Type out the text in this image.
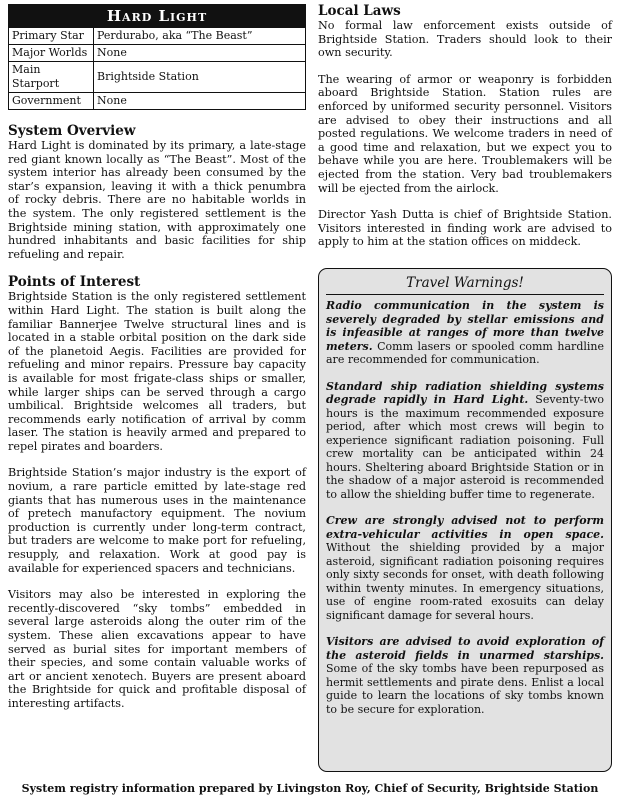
Hard Light	
Primary Star	Perdurabo, aka “The Beast”
Major Worlds	None
Main Starport	Brightside Station
Government	None
System Overview

Hard Light is dominated by its primary, a late-stage red giant known locally as “The Beast”. Most of the system interior has already been consumed by the star’s expansion, leaving it with a thick penumbra of rocky debris. There are no habitable worlds in the system. The only registered settlement is the Brightside mining station, with approximately one hundred inhabitants and basic facilities for ship refueling and repair.

Points of Interest

Brightside Station is the only registered settlement within Hard Light. The station is built along the familiar Bannerjee Twelve structural lines and is located in a stable orbital position on the dark side of the planetoid Aegis. Facilities are provided for refueling and minor repairs. Pressure bay capacity is available for most frigate-class ships or smaller, while larger ships can be served through a cargo umbilical. Brightside welcomes all traders, but recommends early notification of arrival by comm laser. The station is heavily armed and prepared to repel pirates and boarders.

Brightside Station’s major industry is the export of novium, a rare particle emitted by late-stage red giants that has numerous uses in the maintenance of pretech manufactory equipment. The novium production is currently under long-term contract, but traders are welcome to make port for refueling, resupply, and relaxation. Work at good pay is available for experienced spacers and technicians.

Visitors may also be interested in exploring the recently-discovered “sky tombs” embedded in several large asteroids along the outer rim of the system. These alien excavations appear to have served as burial sites for important members of their species, and some contain valuable works of art or ancient xenotech. Buyers are present aboard the Brightside for quick and profitable disposal of interesting artifacts.

Local Laws

No formal law enforcement exists outside of Brightside Station. Traders should look to their own security.

The wearing of armor or weaponry is forbidden aboard Brightside Station. Station rules are enforced by uniformed security personnel. Visitors are advised to obey their instructions and all posted regulations. We welcome traders in need of a good time and relaxation, but we expect you to behave while you are here. Troublemakers will be ejected from the station. Very bad troublemakers will be ejected from the airlock.

Director Yash Dutta is chief of Brightside Station. Visitors interested in finding work are advised to apply to him at the station offices on middeck.

Travel Warnings!

Radio communication in the system is severely degraded by stellar emissions and is infeasible at ranges of more than twelve meters. Comm lasers or spooled comm hardline are recommended for communication.

Standard ship radiation shielding systems degrade rapidly in Hard Light. Seventy-two hours is the maximum recommended exposure period, after which most crews will begin to experience significant radiation poisoning. Full crew mortality can be anticipated within 24 hours. Sheltering aboard Brightside Station or in the shadow of a major asteroid is recommended to allow the shielding buffer time to regenerate.

Crew are strongly advised not to perform extra-vehicular activities in open space. Without the shielding provided by a major asteroid, significant radiation poisoning requires only sixty seconds for onset, with death following within twenty minutes. In emergency situations, use of engine room-rated exosuits can delay significant damage for several hours.

Visitors are advised to avoid exploration of the asteroid fields in unarmed starships. Some of the sky tombs have been repurposed as hermit settlements and pirate dens. Enlist a local guide to learn the locations of sky tombs known to be secure for exploration.

System registry information prepared by Livingston Roy, Chief of Security, Brightside Station
